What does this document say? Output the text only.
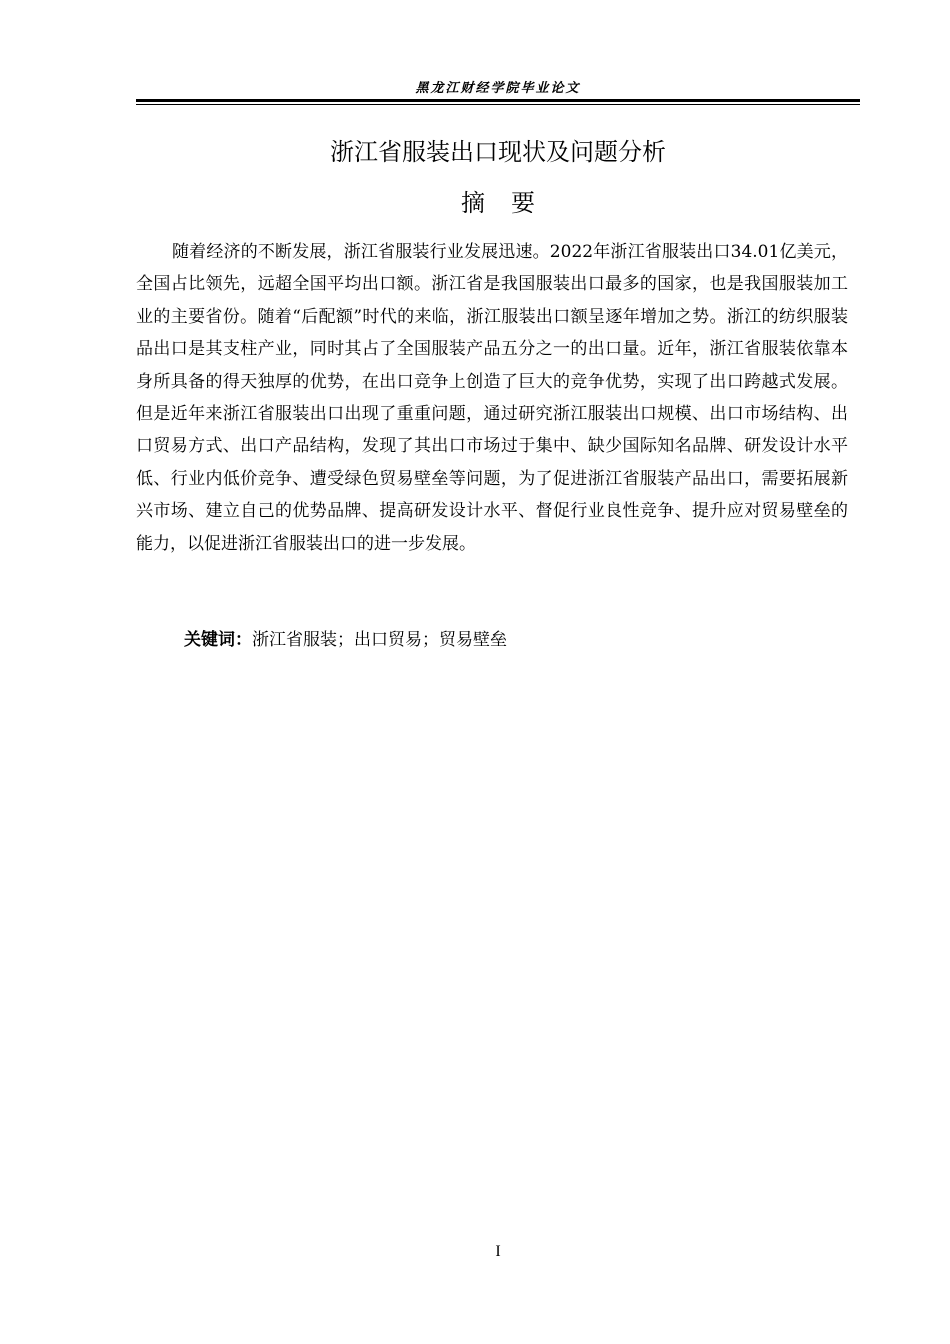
黑龙江财经学院毕业论文
浙江省服装出口现状及问题分析
摘要

随着经济的不断发展，浙江省服装行业发展迅速。2022年浙江省服装出口34.01亿美元，全国占比领先，远超全国平均出口额。浙江省是我国服装出口最多的国家，也是我国服装加工业的主要省份。随着“后配额”时代的来临，浙江服装出口额呈逐年增加之势。浙江的纺织服装品出口是其支柱产业，同时其占了全国服装产品五分之一的出口量。近年，浙江省服装依靠本身所具备的得天独厚的优势，在出口竞争上创造了巨大的竞争优势，实现了出口跨越式发展。但是近年来浙江省服装出口出现了重重问题，通过研究浙江服装出口规模、出口市场结构、出口贸易方式、出口产品结构，发现了其出口市场过于集中、缺少国际知名品牌、研发设计水平低、行业内低价竞争、遭受绿色贸易壁垒等问题，为了促进浙江省服装产品出口，需要拓展新兴市场、建立自己的优势品牌、提高研发设计水平、督促行业良性竞争、提升应对贸易壁垒的能力，以促进浙江省服装出口的进一步发展。

关键词：浙江省服装；出口贸易；贸易壁垒
I
